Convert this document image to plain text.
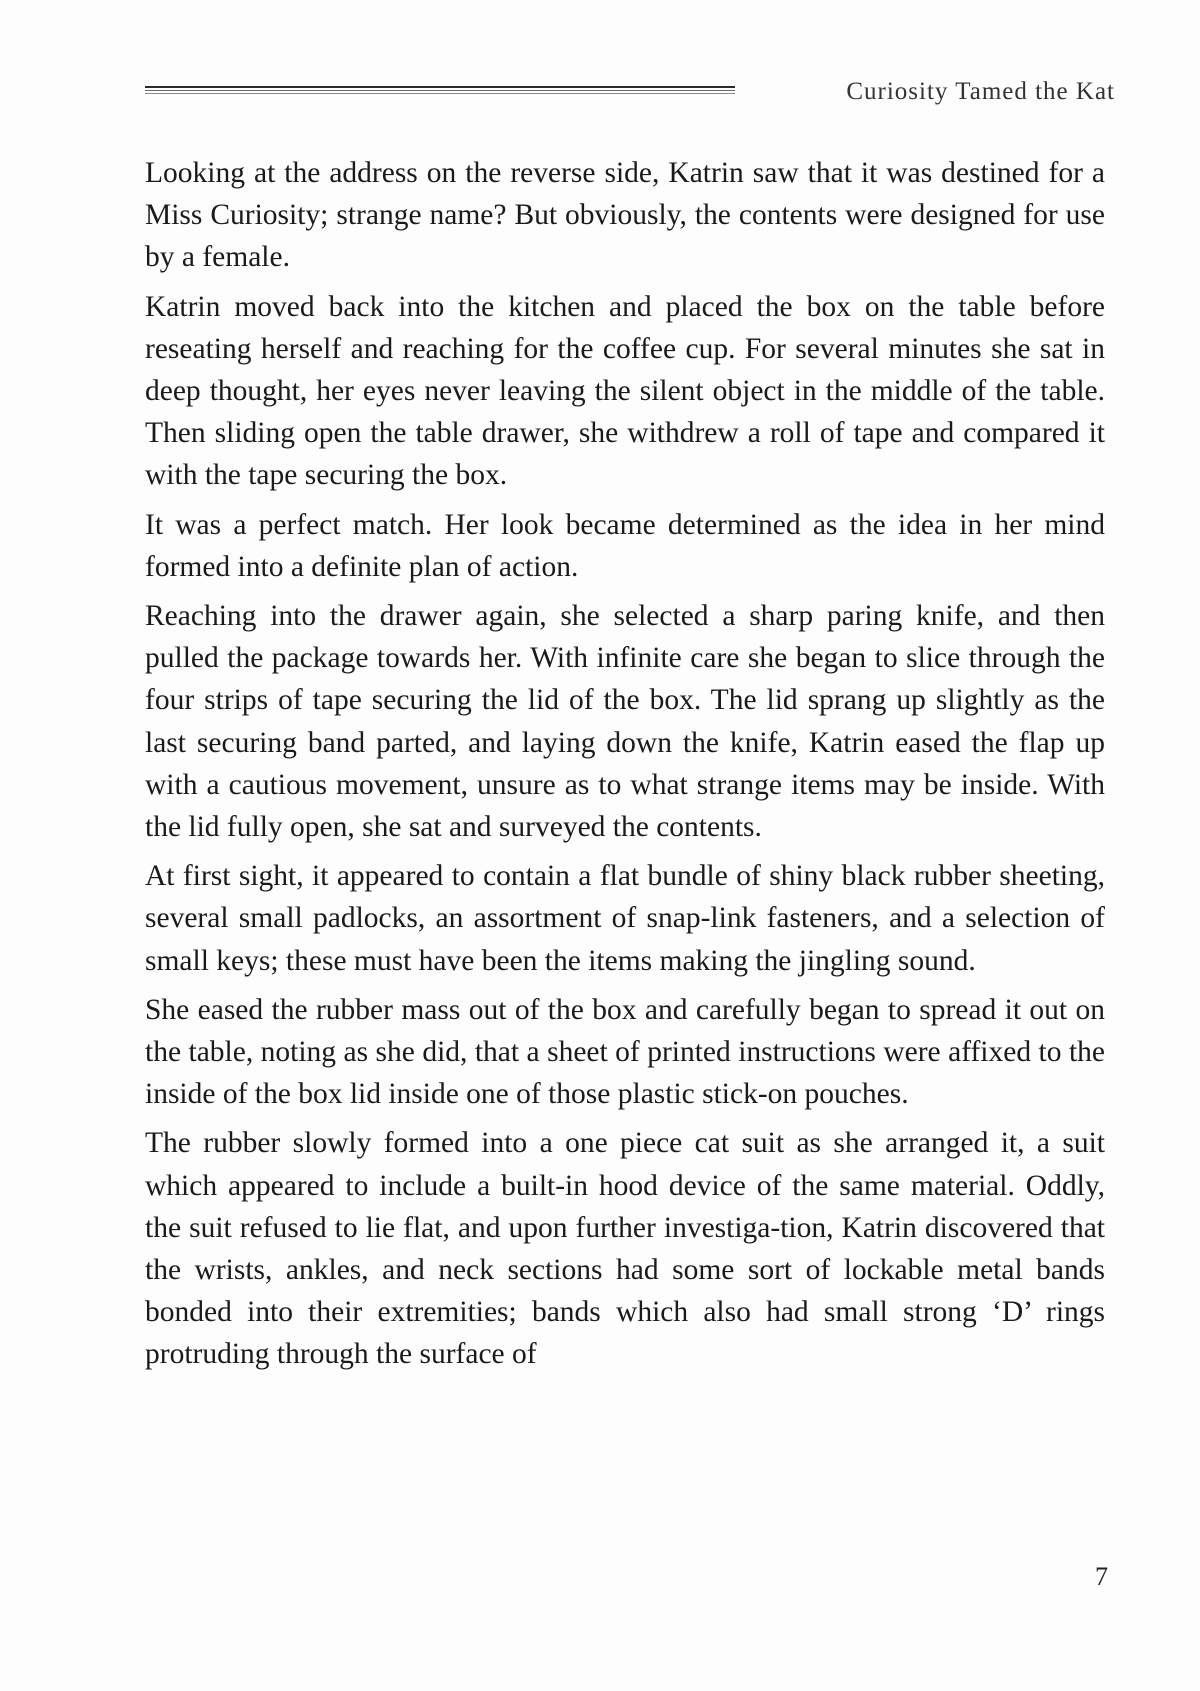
Curiosity Tamed the Kat

Looking at the address on the reverse side, Katrin saw that it was destined for a Miss Curiosity; strange name? But obviously, the contents were designed for use by a female.

Katrin moved back into the kitchen and placed the box on the table before reseating herself and reaching for the coffee cup. For several minutes she sat in deep thought, her eyes never leaving the silent object in the middle of the table. Then sliding open the table drawer, she withdrew a roll of tape and compared it with the tape securing the box.

It was a perfect match. Her look became determined as the idea in her mind formed into a definite plan of action.

Reaching into the drawer again, she selected a sharp paring knife, and then pulled the package towards her. With infinite care she began to slice through the four strips of tape securing the lid of the box. The lid sprang up slightly as the last securing band parted, and laying down the knife, Katrin eased the flap up with a cautious movement, unsure as to what strange items may be inside. With the lid fully open, she sat and surveyed the contents.

At first sight, it appeared to contain a flat bundle of shiny black rubber sheeting, several small padlocks, an assortment of snap-link fasteners, and a selection of small keys; these must have been the items making the jingling sound.

She eased the rubber mass out of the box and carefully began to spread it out on the table, noting as she did, that a sheet of printed instructions were affixed to the inside of the box lid inside one of those plastic stick-on pouches.

The rubber slowly formed into a one piece cat suit as she arranged it, a suit which appeared to include a built-in hood device of the same material. Oddly, the suit refused to lie flat, and upon further investiga-tion, Katrin discovered that the wrists, ankles, and neck sections had some sort of lockable metal bands bonded into their extremities; bands which also had small strong ‘D’ rings protruding through the surface of

7
